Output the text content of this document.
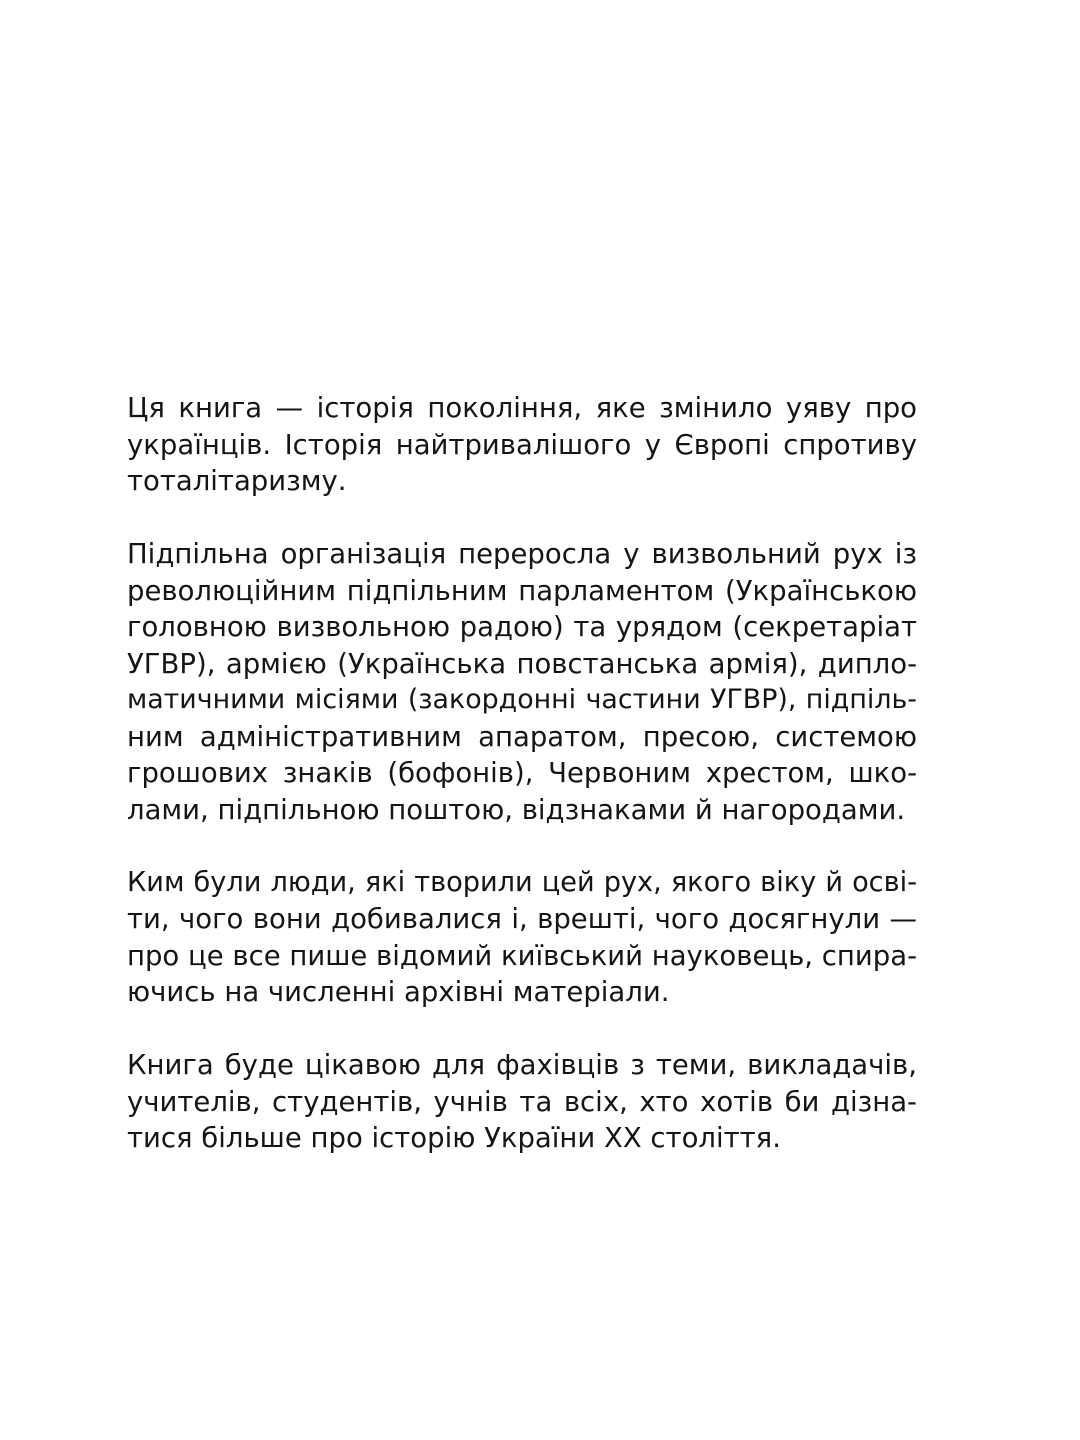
Ця книга — історія покоління, яке змінило уяву про
українців. Історія найтривалішого у Європі спротиву
тоталітаризму.

Підпільна організація переросла у визвольний рух із
революційним підпільним парламентом (Українською
головною визвольною радою) та урядом (секретаріат
УГВР), армією (Українська повстанська армія), дипло-
матичними місіями (закордонні частини УГВР), підпіль-
ним адміністративним апаратом, пресою, системою
грошових знаків (бофонів), Червоним хрестом, шко-
лами, підпільною поштою, відзнаками й нагородами.

Ким були люди, які творили цей рух, якого віку й осві-
ти, чого вони добивалися і, врешті, чого досягнули —
про це все пише відомий київський науковець, спира-
ючись на численні архівні матеріали.

Книга буде цікавою для фахівців з теми, викладачів,
учителів, студентів, учнів та всіх, хто хотів би дізна-
тися більше про історію України XX століття.
